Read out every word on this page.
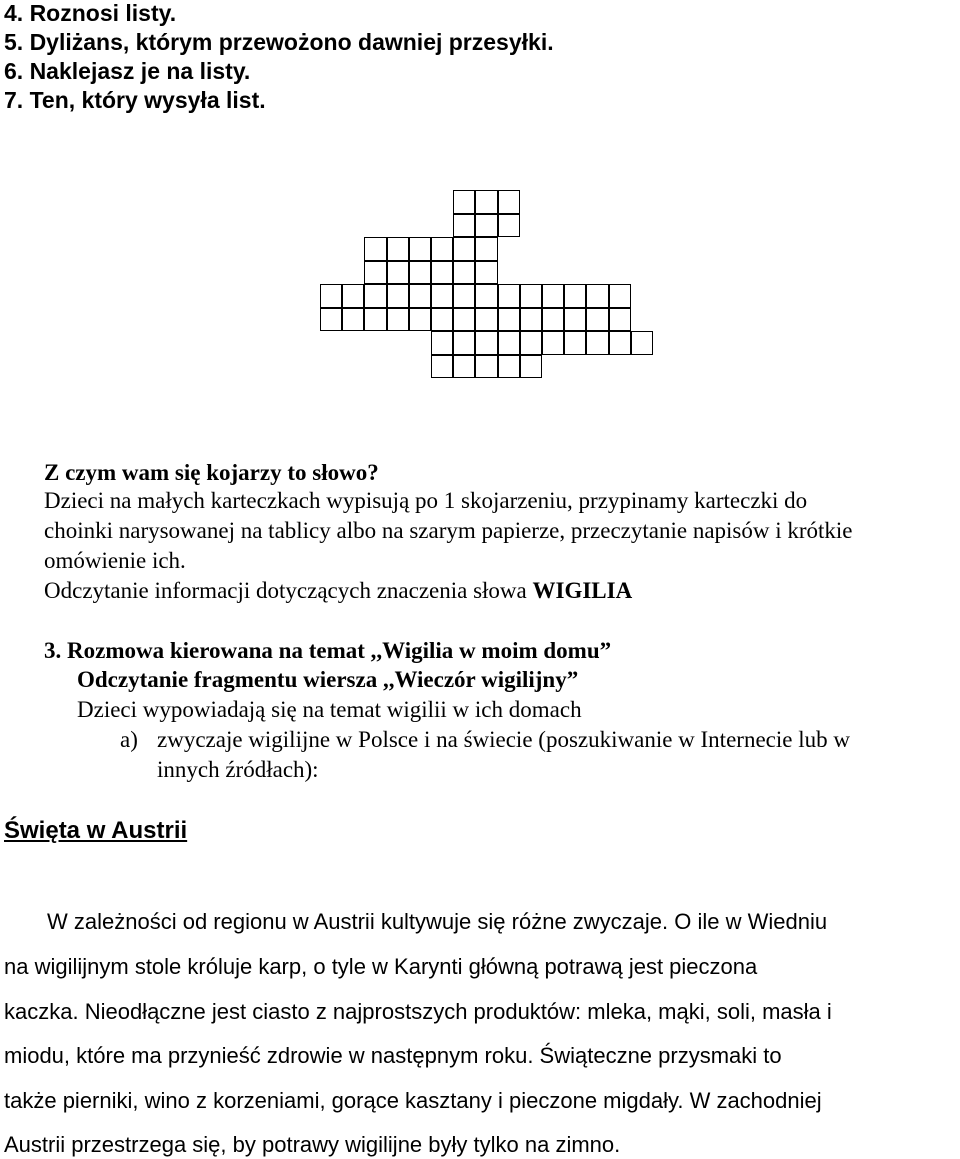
4. Roznosi listy.
5. Dyliżans, którym przewożono dawniej przesyłki.
6. Naklejasz je na listy.
7. Ten, który wysyła list.
Z czym wam się kojarzy to słowo?
Dzieci na małych karteczkach wypisują po 1 skojarzeniu, przypinamy karteczki do
choinki narysowanej na tablicy albo na szarym papierze, przeczytanie napisów i krótkie
omówienie ich.
Odczytanie informacji dotyczących znaczenia słowa WIGILIA
3. Rozmowa kierowana na temat ,,Wigilia w moim domu”
Odczytanie fragmentu wiersza ,,Wieczór wigilijny”
Dzieci wypowiadają się na temat wigilii w ich domach
a) zwyczaje wigilijne w Polsce i na świecie (poszukiwanie w Internecie lub w
innych źródłach):
Święta w Austrii
W zależności od regionu w Austrii kultywuje się różne zwyczaje. O ile w Wiedniu
na wigilijnym stole króluje karp, o tyle w Karynti główną potrawą jest pieczona
kaczka. Nieodłączne jest ciasto z najprostszych produktów: mleka, mąki, soli, masła i
miodu, które ma przynieść zdrowie w następnym roku. Świąteczne przysmaki to
także pierniki, wino z korzeniami, gorące kasztany i pieczone migdały. W zachodniej
Austrii przestrzega się, by potrawy wigilijne były tylko na zimno.
